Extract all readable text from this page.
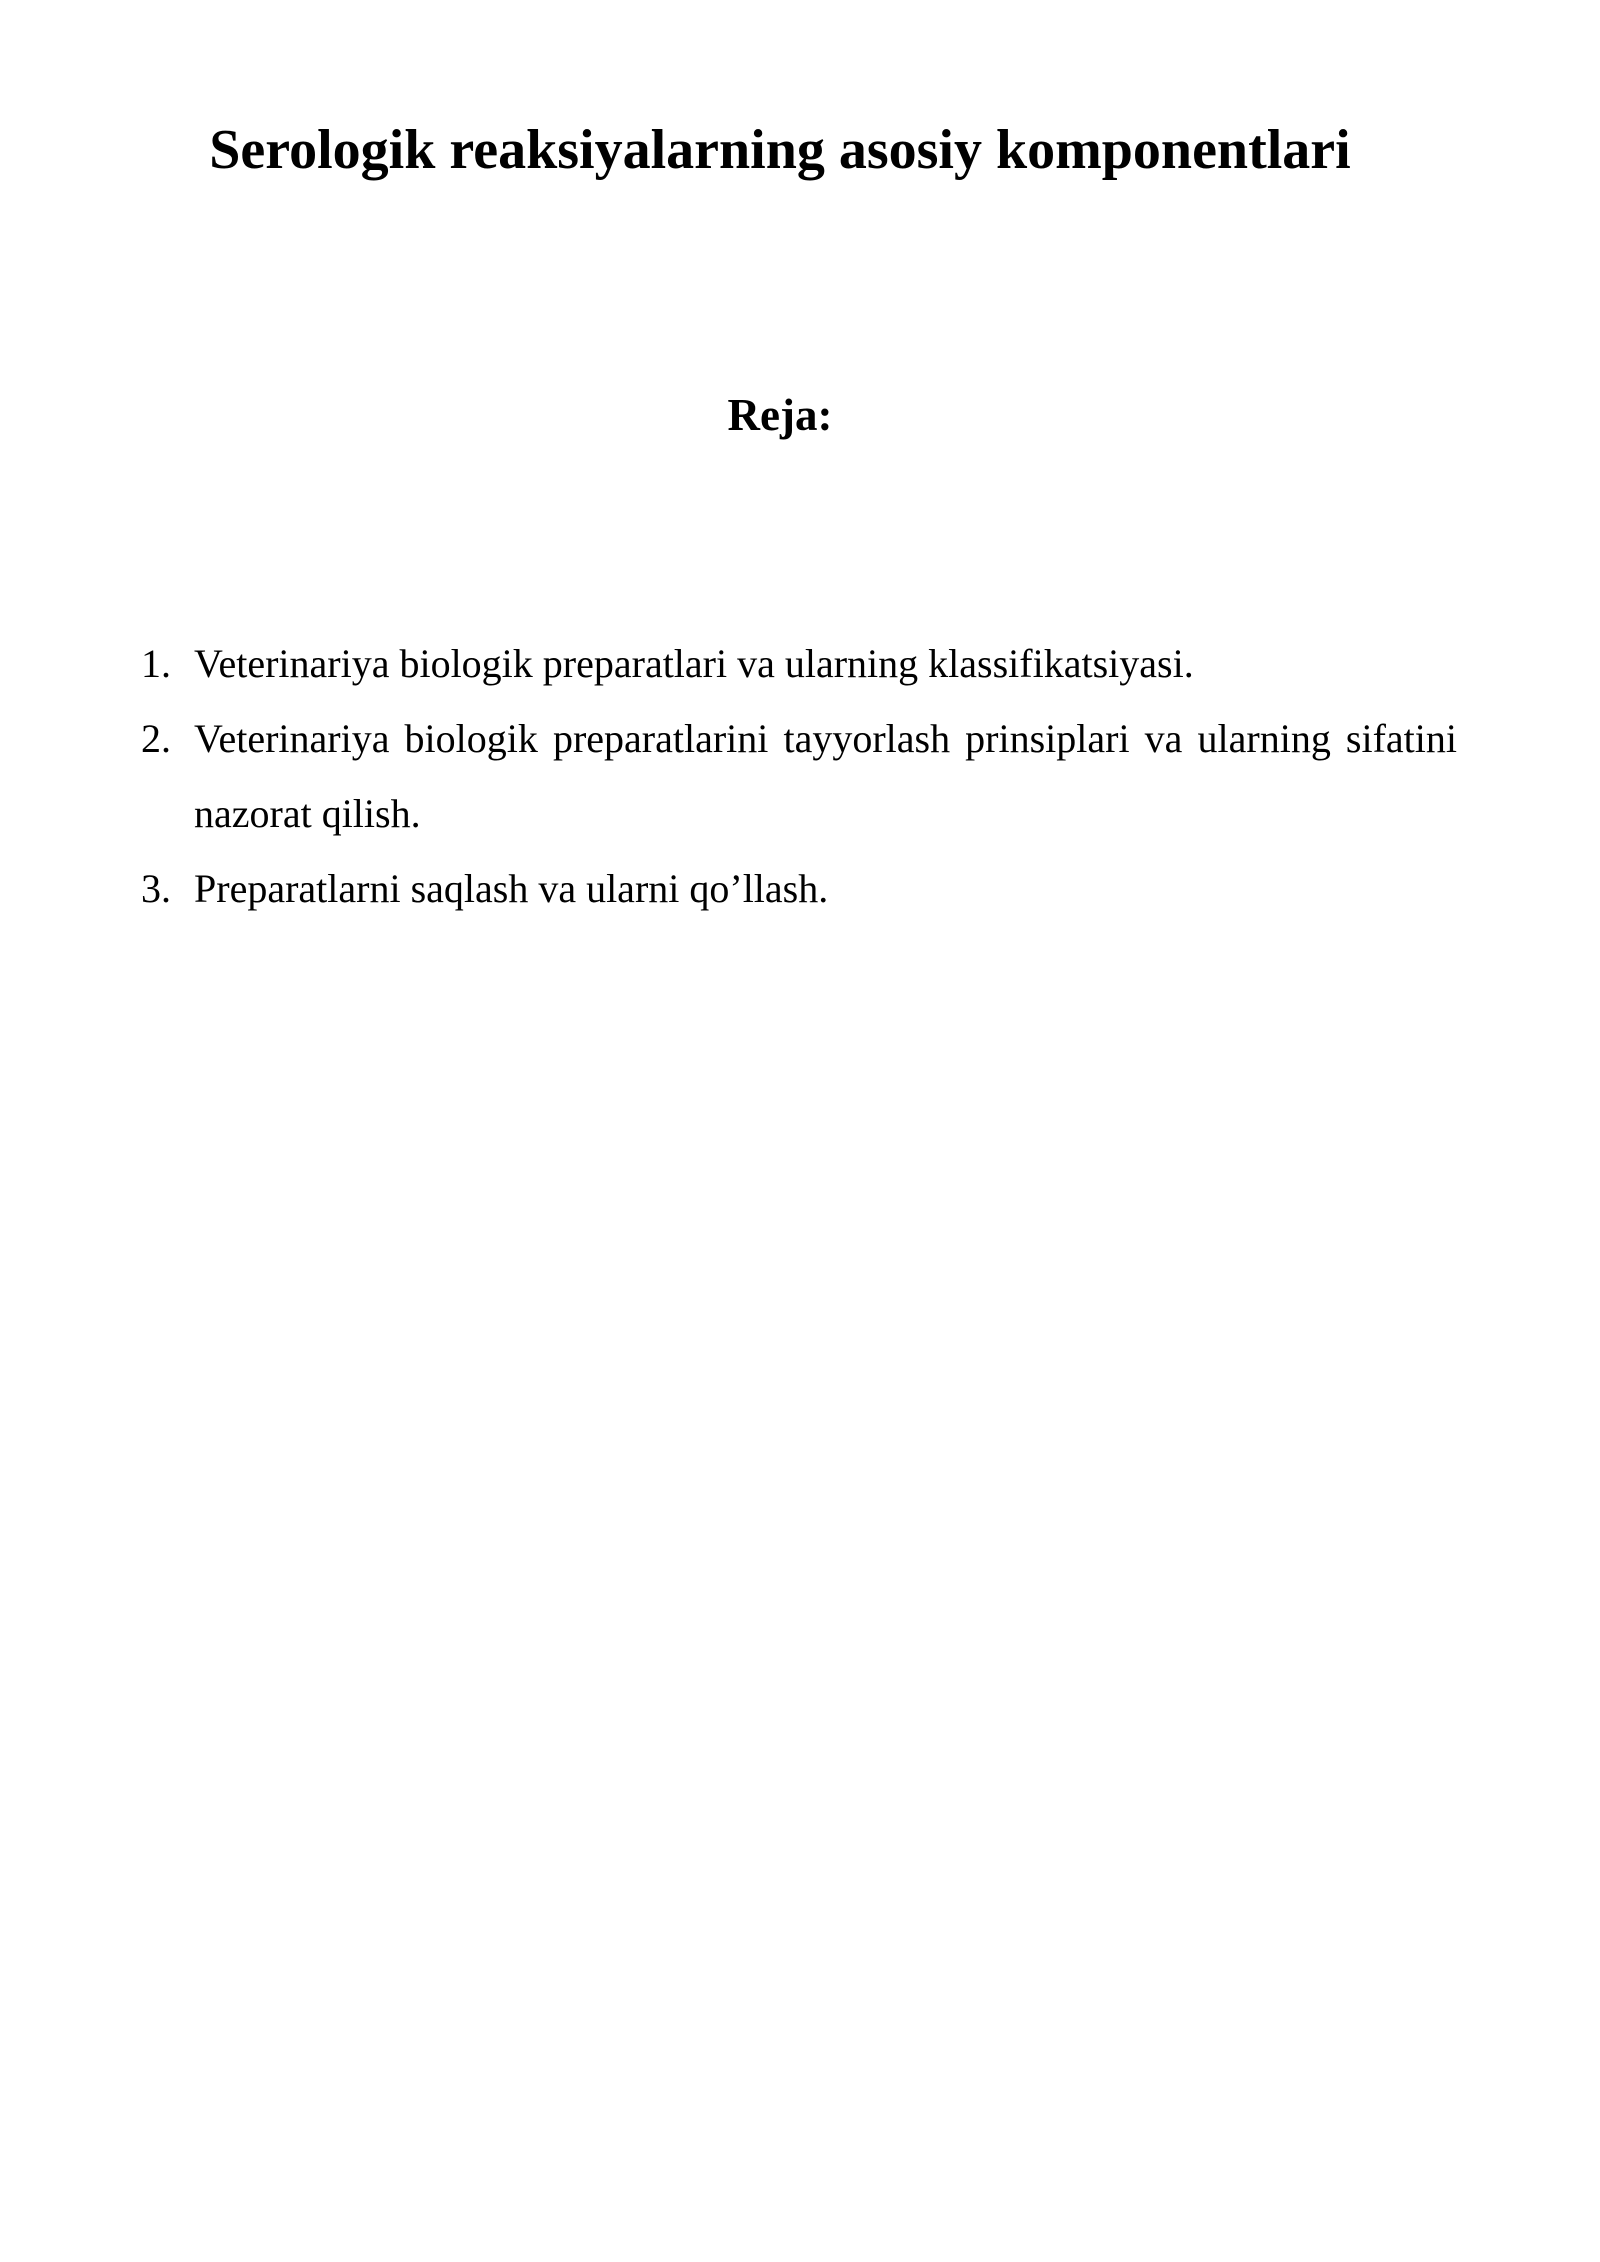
Serologik reaksiyalarning asosiy komponentlari
Reja:
1. Veterinariya biologik preparatlari va ularning klassifikatsiyasi.
2. Veterinariya biologik preparatlarini tayyorlash prinsiplari va ularning sifatini nazorat qilish.
3. Preparatlarni saqlash va ularni qo’llash.
